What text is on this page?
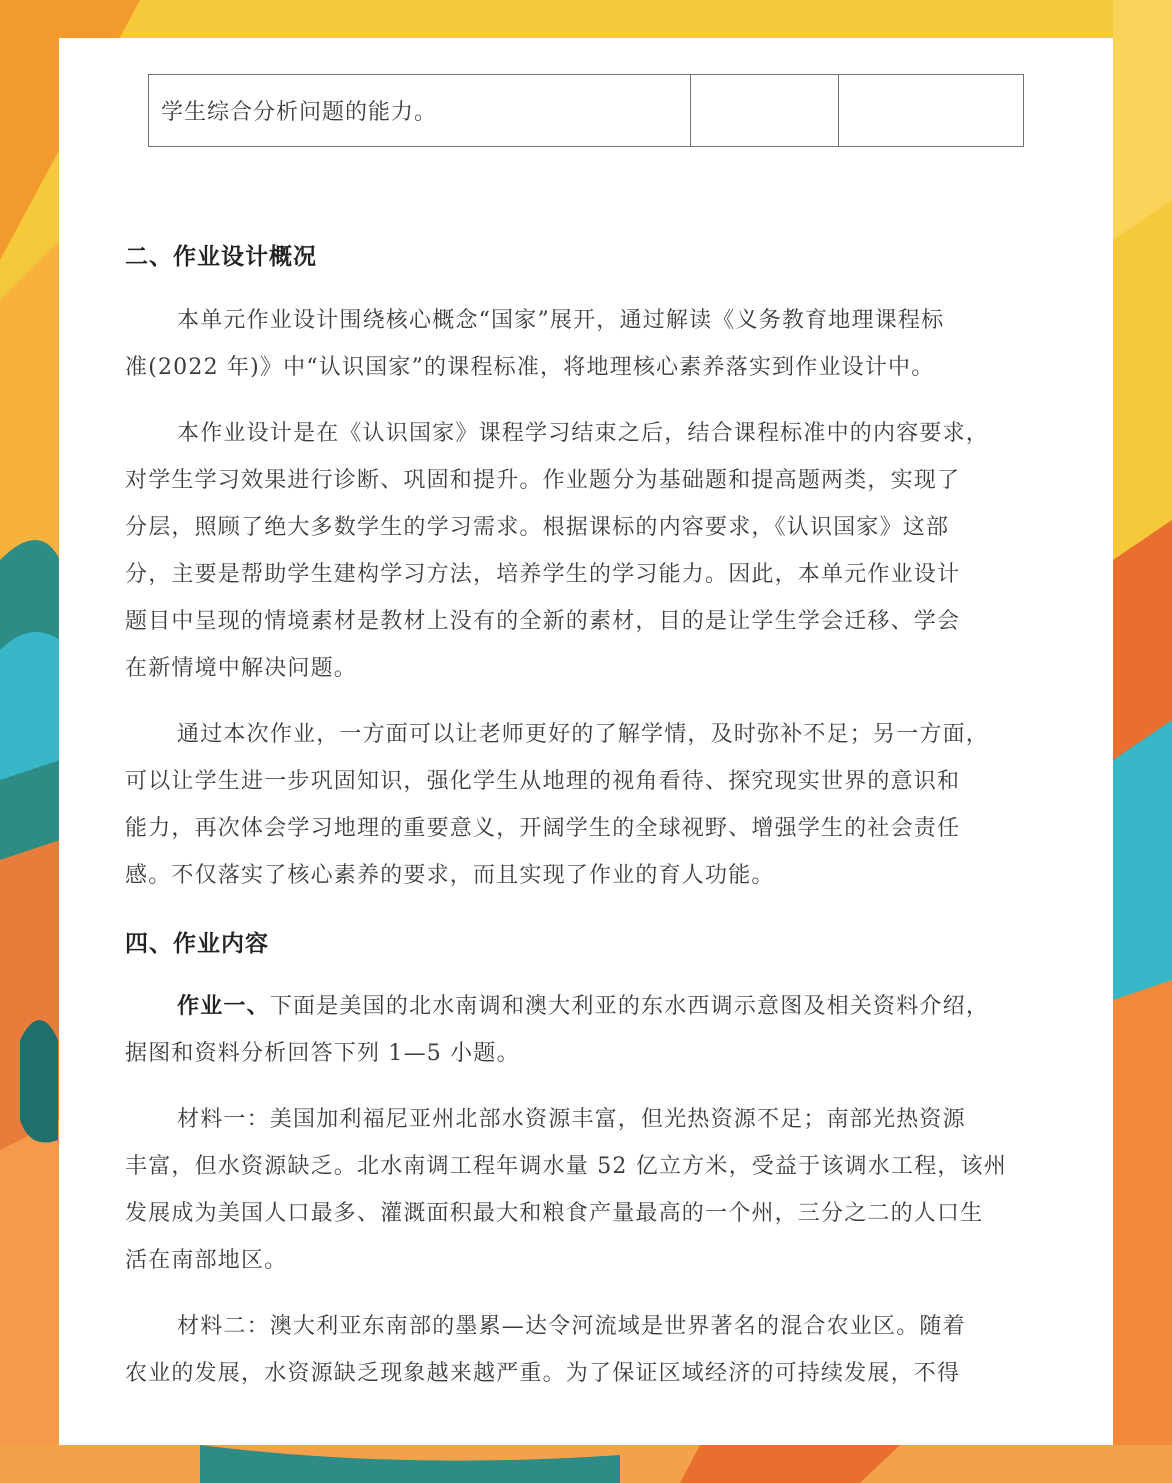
学生综合分析问题的能力。
二、作业设计概况
本单元作业设计围绕核心概念“国家”展开，通过解读《义务教育地理课程标
准(2022 年)》中“认识国家”的课程标准，将地理核心素养落实到作业设计中。
本作业设计是在《认识国家》课程学习结束之后，结合课程标准中的内容要求，
对学生学习效果进行诊断、巩固和提升。作业题分为基础题和提高题两类，实现了
分层，照顾了绝大多数学生的学习需求。根据课标的内容要求，《认识国家》这部
分，主要是帮助学生建构学习方法，培养学生的学习能力。因此，本单元作业设计
题目中呈现的情境素材是教材上没有的全新的素材，目的是让学生学会迁移、学会
在新情境中解决问题。
通过本次作业，一方面可以让老师更好的了解学情，及时弥补不足；另一方面，
可以让学生进一步巩固知识，强化学生从地理的视角看待、探究现实世界的意识和
能力，再次体会学习地理的重要意义，开阔学生的全球视野、增强学生的社会责任
感。不仅落实了核心素养的要求，而且实现了作业的育人功能。
四、作业内容
作业一、下面是美国的北水南调和澳大利亚的东水西调示意图及相关资料介绍，
据图和资料分析回答下列 1—5 小题。
材料一：美国加利福尼亚州北部水资源丰富，但光热资源不足；南部光热资源
丰富，但水资源缺乏。北水南调工程年调水量 52 亿立方米，受益于该调水工程，该州
发展成为美国人口最多、灌溉面积最大和粮食产量最高的一个州，三分之二的人口生
活在南部地区。
材料二：澳大利亚东南部的墨累—达令河流域是世界著名的混合农业区。随着
农业的发展，水资源缺乏现象越来越严重。为了保证区域经济的可持续发展，不得
